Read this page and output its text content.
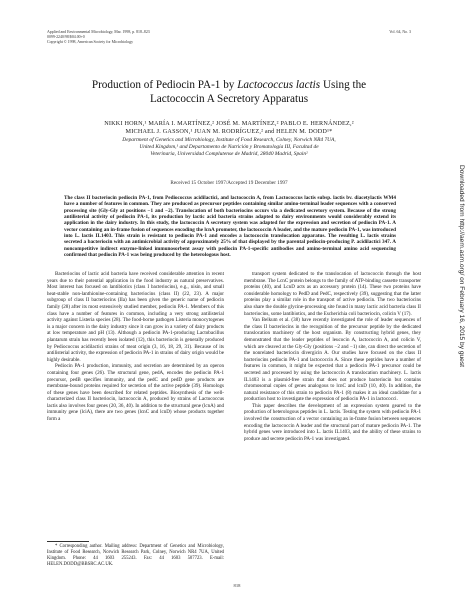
Applied and Environmental Microbiology, Mar. 1998, p. 818–823
0099-2240/98/$04.00+0
Copyright © 1998, American Society for Microbiology
Vol. 64, No. 3
Production of Pediocin PA-1 by Lactococcus lactis Using the
Lactococcin A Secretory Apparatus
NIKKI HORN,¹ MARÍA I. MARTÍNEZ,² JOSÉ M. MARTÍNEZ,² PABLO E. HERNÁNDEZ,²
MICHAEL J. GASSON,¹ JUAN M. RODRÍGUEZ,² and HELEN M. DODD¹*
Department of Genetics and Microbiology, Institute of Food Research, Colney, Norwich NR4 7UA,
United Kingdom,¹ and Departamento de Nutrición y Bromatología III, Facultad de
Veterinaria, Universidad Complutense de Madrid, 28040 Madrid, Spain²
Received 15 October 1997/Accepted 19 December 1997
The class II bacteriocin pediocin PA-1, from Pediococcus acidilactici, and lactococcin A, from Lactococcus lactis subsp. lactis bv. diacetylactis WM4 have a number of features in common. They are produced as precursor peptides containing similar amino-terminal leader sequences with a conserved processing site (Gly-Gly at positions −1 and −2). Translocation of both bacteriocins occurs via a dedicated secretory system. Because of the strong antilisterial activity of pediocin PA-1, its production by lactic acid bacteria strains adapted to dairy environments would considerably extend its application in the dairy industry. In this study, the lactococcin A secretory system was adapted for the expression and secretion of pediocin PA-1. A vector containing an in-frame fusion of sequences encoding the lcnA promoter, the lactococcin A leader, and the mature pediocin PA-1, was introduced into L. lactis IL1403. This strain is resistant to pediocin PA-1 and encodes a lactococcin translocation apparatus. The resulting L. lactis strains secreted a bacteriocin with an antimicrobial activity of approximately 25% of that displayed by the parental pediocin-producing P. acidilactici 347. A noncompetitive indirect enzyme-linked immunosorbent assay with pediocin PA-1-specific antibodies and amino-terminal amino acid sequencing confirmed that pediocin PA-1 was being produced by the heterologous host.

Bacteriocins of lactic acid bacteria have received considerable attention in recent years due to their potential application in the food industry as natural preservatives. Most interest has focused on lantibiotics (class I bacteriocins), e.g., nisin, and small heat-stable non-lanthionine-containing bacteriocins (class II) (22, 23). A major subgroup of class II bacteriocins (IIa) has been given the generic name of pediocin family (28) after its most extensively studied member, pediocin PA-1. Members of this class have a number of features in common, including a very strong antilisterial activity against Listeria species (28). The food-borne pathogen Listeria monocytogenes is a major concern in the dairy industry since it can grow in a variety of dairy products at low temperature and pH (13). Although a pediocin PA-1-producing Lactobacillus plantarum strain has recently been isolated (12), this bacteriocin is generally produced by Pediococcus acidilactici strains of meat origin (3, 16, 18, 29, 31). Because of its antilisterial activity, the expression of pediocin PA-1 in strains of dairy origin would be highly desirable.

Pediocin PA-1 production, immunity, and secretion are determined by an operon containing four genes (26). The structural gene, pedA, encodes the pediocin PA-1 precursor, pedB specifies immunity, and the pedC and pedD gene products are membrane-bound proteins required for secretion of the active peptide (39). Homologs of these genes have been described for related peptides. Biosynthesis of the well-characterized class II bacteriocin, lactococcin A, produced by strains of Lactococcus lactis also involves four genes (20, 36, 40). In addition to the structural gene (lcnA) and immunity gene (lciA), there are two genes (lcnC and lcnD) whose products together form a

transport system dedicated to the translocation of lactococcin through the host membrane. The LcnC protein belongs to the family of ATP-binding cassette transporter proteins (40), and LcnD acts as an accessory protein (14). These two proteins have considerable homology to PedD and PedC, respectively (39), suggesting that the latter proteins play a similar role in the transport of active pediocin. The two bacteriocins also share the double glycine-processing site found in many lactic acid bacteria class II bacteriocins, some lantibiotics, and the Escherichia coli bacteriocin, colicin V (17).

Van Belkum et al. (38) have recently investigated the role of leader sequences of the class II bacteriocins in the recognition of the precursor peptide by the dedicated translocation machinery of the host organism. By constructing hybrid genes, they demonstrated that the leader peptides of leucocin A, lactococcin A, and colicin V, which are cleaved at the Gly-Gly (positions −2 and −1) site, can direct the secretion of the nonrelated bacteriocin divergicin A. Our studies have focused on the class II bacteriocins pediocin PA-1 and lactococcin A. Since these peptides have a number of features in common, it might be expected that a pediocin PA-1 precursor could be secreted and processed by using the lactococcin A translocation machinery. L. lactis IL1403 is a plasmid-free strain that does not produce bacteriocin but contains chromosomal copies of genes analogous to lcnC and lcnD (10, 40). In addition, the natural resistance of this strain to pediocin PA-1 (8) makes it an ideal candidate for a production host to investigate the expression of pediocin PA-1 in lactococci.

This paper describes the development of an expression system geared to the production of heterologous peptides in L. lactis. Testing the system with pediocin PA-1 involved the construction of a vector containing an in-frame fusion between sequences encoding the lactococcin A leader and the structural part of mature pediocin PA-1. The hybrid genes were introduced into L. lactis IL1403, and the ability of these strains to produce and secrete pediocin PA-1 was investigated.

* Corresponding author. Mailing address: Department of Genetics and Microbiology, Institute of Food Research, Norwich Research Park, Colney, Norwich NR4 7UA, United Kingdom. Phone: 44 1603 255243. Fax: 44 1603 507723. E-mail: HELEN.DODD@BBSRC.AC.UK.
818
Downloaded from http://aem.asm.org/ on February 16, 2015 by guest
